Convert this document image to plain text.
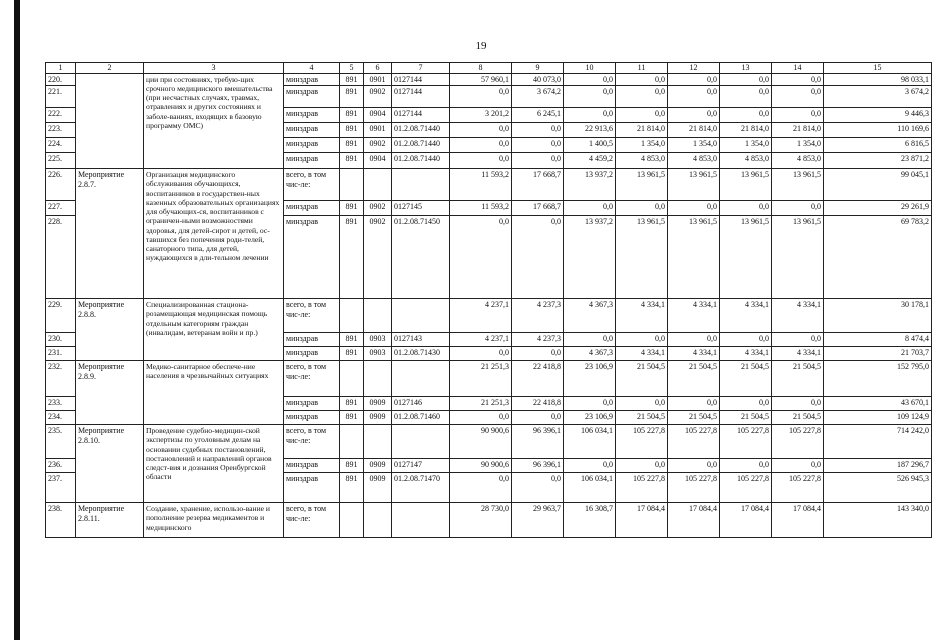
19
1	2	3	4	5	6	7	8	9	10	11	12	13	14	15
220.		ции при состояниях, требую-щих срочного медицинского вмешательства (при несчастных случаях, травмах, отравлениях и других состояниях и заболе-ваниях, входящих в базовую программу ОМС)	минздрав	891	0901	0127144	57 960,1	40 073,0	0,0	0,0	0,0	0,0	0,0	98 033,1
221.			минздрав	891	0902	0127144	0,0	3 674,2	0,0	0,0	0,0	0,0	0,0	3 674,2
222.			минздрав	891	0904	0127144	3 201,2	6 245,1	0,0	0,0	0,0	0,0	0,0	9 446,3
223.			минздрав	891	0901	01.2.08.71440	0,0	0,0	22 913,6	21 814,0	21 814,0	21 814,0	21 814,0	110 169,6
224.			минздрав	891	0902	01.2.08.71440	0,0	0,0	1 400,5	1 354,0	1 354,0	1 354,0	1 354,0	6 816,5
225.			минздрав	891	0904	01.2.08.71440	0,0	0,0	4 459,2	4 853,0	4 853,0	4 853,0	4 853,0	23 871,2
226.	Мероприятие 2.8.7.	Организация медицинского обслуживания обучающихся, воспитанников в государствен-ных казенных образовательных организациях для обучающих-ся, воспитанников с ограничен-ными возможностями здоровья, для детей-сирот и детей, ос-тавшихся без попечения роди-телей, санаторного типа, для детей, нуждающихся в дли-тельном лечении	всего, в том чис-ле:				11 593,2	17 668,7	13 937,2	13 961,5	13 961,5	13 961,5	13 961,5	99 045,1
227.			минздрав	891	0902	0127145	11 593,2	17 668,7	0,0	0,0	0,0	0,0	0,0	29 261,9
228.			минздрав	891	0902	01.2.08.71450	0,0	0,0	13 937,2	13 961,5	13 961,5	13 961,5	13 961,5	69 783,2
229.	Мероприятие 2.8.8.	Специализированная стациона-розамещающая медицинская помощь отдельным категориям граждан (инвалидам, ветеранам войн и пр.)	всего, в том чис-ле:				4 237,1	4 237,3	4 367,3	4 334,1	4 334,1	4 334,1	4 334,1	30 178,1
230.			минздрав	891	0903	0127143	4 237,1	4 237,3	0,0	0,0	0,0	0,0	0,0	8 474,4
231.			минздрав	891	0903	01.2.08.71430	0,0	0,0	4 367,3	4 334,1	4 334,1	4 334,1	4 334,1	21 703,7
232.	Мероприятие 2.8.9.	Медико-санитарное обеспече-ние населения в чрезвычайных ситуациях	всего, в том чис-ле:				21 251,3	22 418,8	23 106,9	21 504,5	21 504,5	21 504,5	21 504,5	152 795,0
233.			минздрав	891	0909	0127146	21 251,3	22 418,8	0,0	0,0	0,0	0,0	0,0	43 670,1
234.			минздрав	891	0909	01.2.08.71460	0,0	0,0	23 106,9	21 504,5	21 504,5	21 504,5	21 504,5	109 124,9
235.	Мероприятие 2.8.10.	Проведение судебно-медицин-ской экспертизы по уголовным делам на основании судебных постановлений, постановлений и направлений органов следст-вия и дознания Оренбургской области	всего, в том чис-ле:				90 900,6	96 396,1	106 034,1	105 227,8	105 227,8	105 227,8	105 227,8	714 242,0
236.			минздрав	891	0909	0127147	90 900,6	96 396,1	0,0	0,0	0,0	0,0	0,0	187 296,7
237.			минздрав	891	0909	01.2.08.71470	0,0	0,0	106 034,1	105 227,8	105 227,8	105 227,8	105 227,8	526 945,3
238.	Мероприятие 2.8.11.	Создание, хранение, использо-вание и пополнение резерва медикаментов и медицинского	всего, в том чис-ле:				28 730,0	29 963,7	16 308,7	17 084,4	17 084,4	17 084,4	17 084,4	143 340,0
